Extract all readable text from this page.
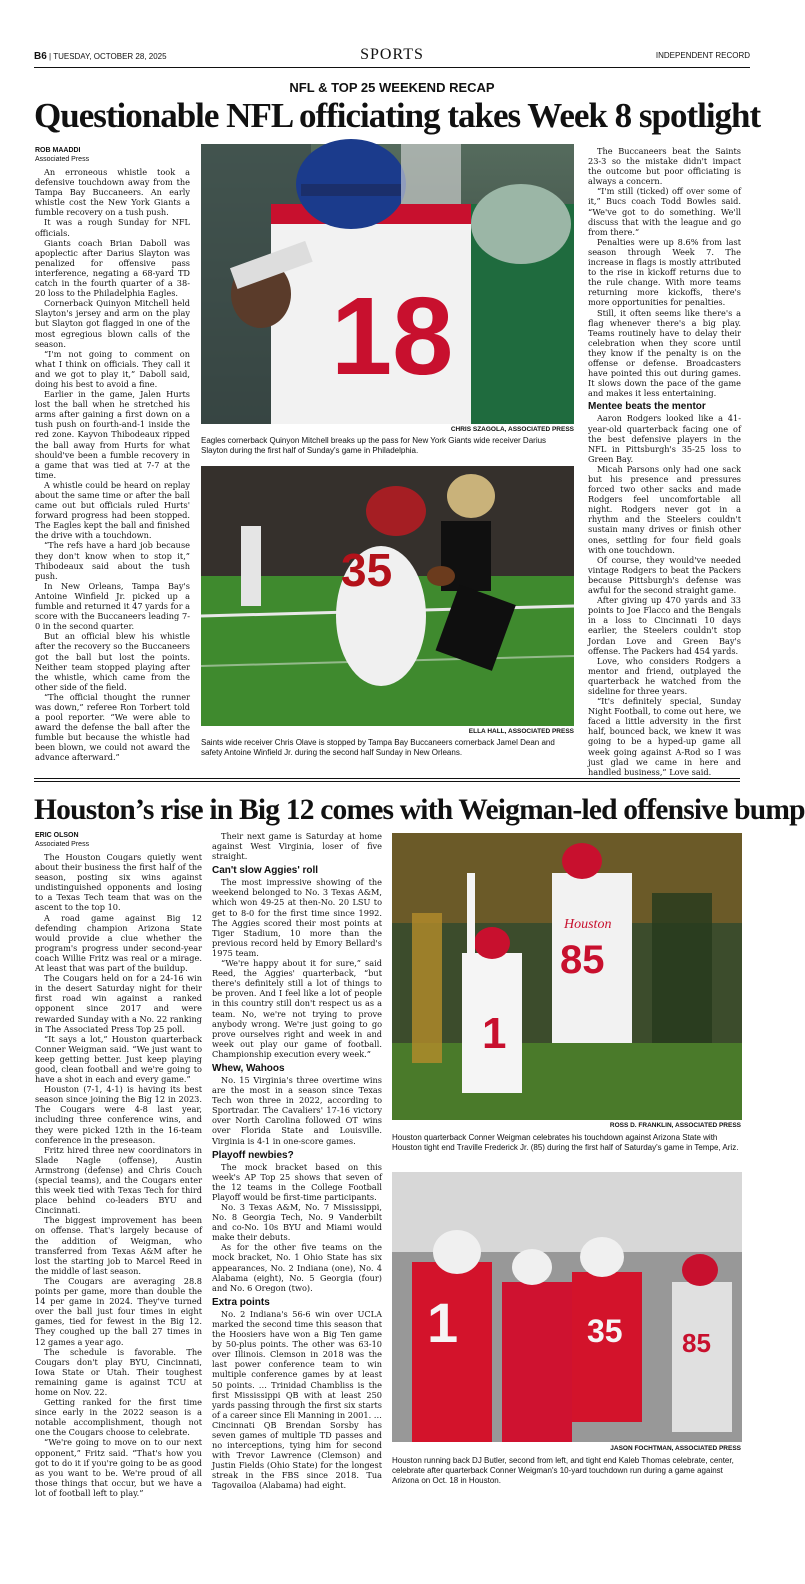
B6 | TUESDAY, OCTOBER 28, 2025	SPORTS	INDEPENDENT RECORD
NFL & TOP 25 WEEKEND RECAP
Questionable NFL officiating takes Week 8 spotlight
ROB MAADDI
Associated Press

An erroneous whistle took a defensive touchdown away from the Tampa Bay Buccaneers. An early whistle cost the New York Giants a fumble recovery on a tush push.

It was a rough Sunday for NFL officials.

Giants coach Brian Daboll was apoplectic after Darius Slayton was penalized for offensive pass interference, negating a 68-yard TD catch in the fourth quarter of a 38-20 loss to the Philadelphia Eagles.

Cornerback Quinyon Mitchell held Slayton's jersey and arm on the play but Slayton got flagged in one of the most egregious blown calls of the season.

“I'm not going to comment on what I think on officials. They call it and we got to play it,” Daboll said, doing his best to avoid a fine.

Earlier in the game, Jalen Hurts lost the ball when he stretched his arms after gaining a first down on a tush push on fourth-and-1 inside the red zone. Kayvon Thibodeaux ripped the ball away from Hurts for what should've been a fumble recovery in a game that was tied at 7-7 at the time.

A whistle could be heard on replay about the same time or after the ball came out but officials ruled Hurts' forward progress had been stopped. The Eagles kept the ball and finished the drive with a touchdown.

“The refs have a hard job because they don't know when to stop it,” Thibodeaux said about the tush push.

In New Orleans, Tampa Bay's Antoine Winfield Jr. picked up a fumble and returned it 47 yards for a score with the Buccaneers leading 7-0 in the second quarter.

But an official blew his whistle after the recovery so the Buccaneers got the ball but lost the points. Neither team stopped playing after the whistle, which came from the other side of the field.

“The official thought the runner was down,” referee Ron Torbert told a pool reporter. “We were able to award the defense the ball after the fumble but because the whistle had been blown, we could not award the advance afterward.”

18
CHRIS SZAGOLA, ASSOCIATED PRESS
Eagles cornerback Quinyon Mitchell breaks up the pass for New York Giants wide receiver Darius Slayton during the first half of Sunday's game in Philadelphia.
35
ELLA HALL, ASSOCIATED PRESS
Saints wide receiver Chris Olave is stopped by Tampa Bay Buccaneers cornerback Jamel Dean and safety Antoine Winfield Jr. during the second half Sunday in New Orleans.

The Buccaneers beat the Saints 23-3 so the mistake didn't impact the outcome but poor officiating is always a concern.

“I'm still (ticked) off over some of it,” Bucs coach Todd Bowles said. “We've got to do something. We'll discuss that with the league and go from there.”

Penalties were up 8.6% from last season through Week 7. The increase in flags is mostly attributed to the rise in kickoff returns due to the rule change. With more teams returning more kickoffs, there's more opportunities for penalties.

Still, it often seems like there's a flag whenever there's a big play. Teams routinely have to delay their celebration when they score until they know if the penalty is on the offense or defense. Broadcasters have pointed this out during games. It slows down the pace of the game and makes it less entertaining.

Mentee beats the mentor

Aaron Rodgers looked like a 41-year-old quarterback facing one of the best defensive players in the NFL in Pittsburgh's 35-25 loss to Green Bay.

Micah Parsons only had one sack but his presence and pressures forced two other sacks and made Rodgers feel uncomfortable all night. Rodgers never got in a rhythm and the Steelers couldn't sustain many drives or finish other ones, settling for four field goals with one touchdown.

Of course, they would've needed vintage Rodgers to beat the Packers because Pittsburgh's defense was awful for the second straight game.

After giving up 470 yards and 33 points to Joe Flacco and the Bengals in a loss to Cincinnati 10 days earlier, the Steelers couldn't stop Jordan Love and Green Bay's offense. The Packers had 454 yards.

Love, who considers Rodgers a mentor and friend, outplayed the quarterback he watched from the sideline for three years.

“It's definitely special, Sunday Night Football, to come out here, we faced a little adversity in the first half, bounced back, we knew it was going to be a hyped-up game all week going against A-Rod so I was just glad we came in here and handled business,” Love said.

Houston’s rise in Big 12 comes with Weigman-led offensive bump
ERIC OLSON
Associated Press

The Houston Cougars quietly went about their business the first half of the season, posting six wins against undistinguished opponents and losing to a Texas Tech team that was on the ascent to the top 10.

A road game against Big 12 defending champion Arizona State would provide a clue whether the program's progress under second-year coach Willie Fritz was real or a mirage. At least that was part of the buildup.

The Cougars held on for a 24-16 win in the desert Saturday night for their first road win against a ranked opponent since 2017 and were rewarded Sunday with a No. 22 ranking in The Associated Press Top 25 poll.

“It says a lot,” Houston quarterback Conner Weigman said. “We just want to keep getting better. Just keep playing good, clean football and we're going to have a shot in each and every game.”

Houston (7-1, 4-1) is having its best season since joining the Big 12 in 2023. The Cougars were 4-8 last year, including three conference wins, and they were picked 12th in the 16-team conference in the preseason.

Fritz hired three new coordinators in Slade Nagle (offense), Austin Armstrong (defense) and Chris Couch (special teams), and the Cougars enter this week tied with Texas Tech for third place behind co-leaders BYU and Cincinnati.

The biggest improvement has been on offense. That's largely because of the addition of Weigman, who transferred from Texas A&M after he lost the starting job to Marcel Reed in the middle of last season.

The Cougars are averaging 28.8 points per game, more than double the 14 per game in 2024. They've turned over the ball just four times in eight games, tied for fewest in the Big 12. They coughed up the ball 27 times in 12 games a year ago.

The schedule is favorable. The Cougars don't play BYU, Cincinnati, Iowa State or Utah. Their toughest remaining game is against TCU at home on Nov. 22.

Getting ranked for the first time since early in the 2022 season is a notable accomplishment, though not one the Cougars choose to celebrate.

“We're going to move on to our next opponent,” Fritz said. “That's how you got to do it if you're going to be as good as you want to be. We're proud of all those things that occur, but we have a lot of football left to play.”

Their next game is Saturday at home against West Virginia, loser of five straight.

Can't slow Aggies' roll

The most impressive showing of the weekend belonged to No. 3 Texas A&M, which won 49-25 at then-No. 20 LSU to get to 8-0 for the first time since 1992. The Aggies scored their most points at Tiger Stadium, 10 more than the previous record held by Emory Bellard's 1975 team.

“We're happy about it for sure,” said Reed, the Aggies' quarterback, “but there's definitely still a lot of things to be proven. And I feel like a lot of people in this country still don't respect us as a team. No, we're not trying to prove anybody wrong. We're just going to go prove ourselves right and week in and week out play our game of football. Championship execution every week.”

Whew, Wahoos

No. 15 Virginia's three overtime wins are the most in a season since Texas Tech won three in 2022, according to Sportradar. The Cavaliers' 17-16 victory over North Carolina followed OT wins over Florida State and Louisville. Virginia is 4-1 in one-score games.

Playoff newbies?

The mock bracket based on this week's AP Top 25 shows that seven of the 12 teams in the College Football Playoff would be first-time participants.

No. 3 Texas A&M, No. 7 Mississippi, No. 8 Georgia Tech, No. 9 Vanderbilt and co-No. 10s BYU and Miami would make their debuts.

As for the other five teams on the mock bracket, No. 1 Ohio State has six appearances, No. 2 Indiana (one), No. 4 Alabama (eight), No. 5 Georgia (four) and No. 6 Oregon (two).

Extra points

No. 2 Indiana's 56-6 win over UCLA marked the second time this season that the Hoosiers have won a Big Ten game by 50-plus points. The other was 63-10 over Illinois. Clemson in 2018 was the last power conference team to win multiple conference games by at least 50 points. … Trinidad Chambliss is the first Mississippi QB with at least 250 yards passing through the first six starts of a career since Eli Manning in 2001. … Cincinnati QB Brendan Sorsby has seven games of multiple TD passes and no interceptions, tying him for second with Trevor Lawrence (Clemson) and Justin Fields (Ohio State) for the longest streak in the FBS since 2018. Tua Tagovailoa (Alabama) had eight.

85
Houston
1
ROSS D. FRANKLIN, ASSOCIATED PRESS
Houston quarterback Conner Weigman celebrates his touchdown against Arizona State with Houston tight end Traville Frederick Jr. (85) during the first half of Saturday's game in Tempe, Ariz.
1	35 85
JASON FOCHTMAN, ASSOCIATED PRESS
Houston running back DJ Butler, second from left, and tight end Kaleb Thomas celebrate, center, celebrate after quarterback Conner Weigman's 10-yard touchdown run during a game against Arizona on Oct. 18 in Houston.
